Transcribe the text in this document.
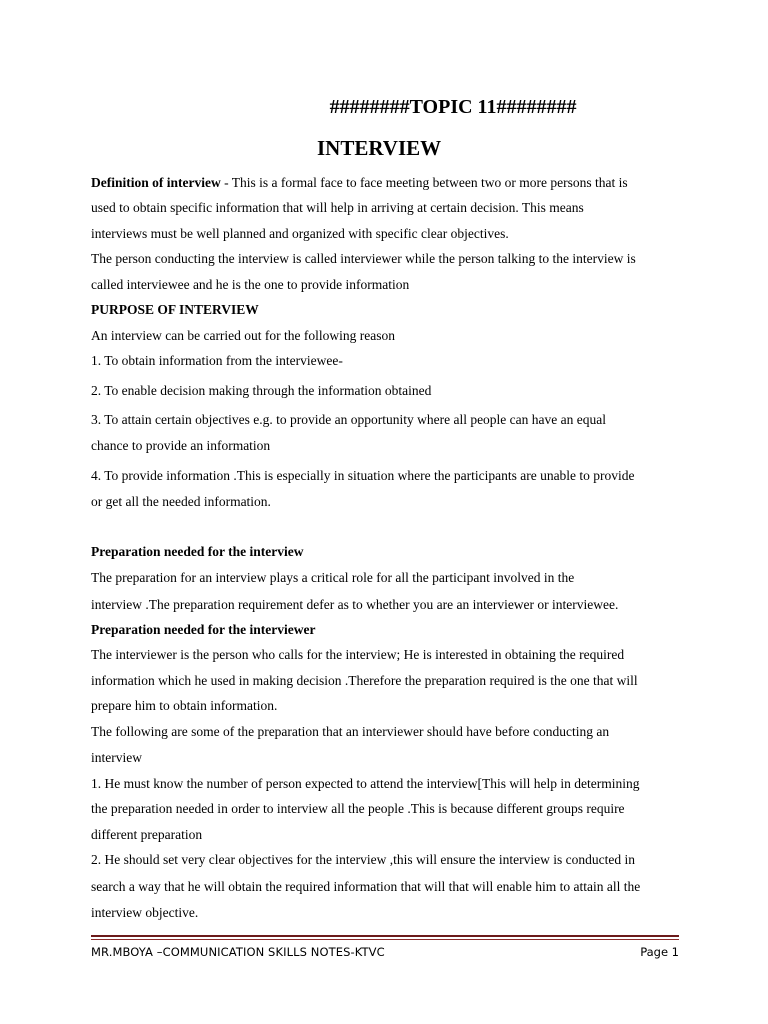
########TOPIC 11########
INTERVIEW
Definition of interview - This is a formal face to face meeting between two or more persons that is
used to obtain specific information that will help in arriving at certain decision. This means
interviews must be well planned and organized with specific clear objectives.
The person conducting the interview is called interviewer while the person talking to the interview is
called interviewee and he is the one to provide information
PURPOSE OF INTERVIEW
An interview can be carried out for the following reason
1. To obtain information from the interviewee-
2. To enable decision making through the information obtained
3. To attain certain objectives e.g. to provide an opportunity where all people can have an equal
chance to provide an information
4. To provide information .This is especially in situation where the participants are unable to provide
or get all the needed information.
Preparation needed for the interview
The preparation for an interview plays a critical role for all the participant involved in the
interview .The preparation requirement defer as to whether you are an interviewer or interviewee.
Preparation needed for the interviewer
The interviewer is the person who calls for the interview; He is interested in obtaining the required
information which he used in making decision .Therefore the preparation required is the one that will
prepare him to obtain information.
The following are some of the preparation that an interviewer should have before conducting an
interview
1. He must know the number of person expected to attend the interview[This will help in determining
the preparation needed in order to interview all the people .This is because different groups require
different preparation
2. He should set very clear objectives for the interview ,this will ensure the interview is conducted in
search a way that he will obtain the required information that will that will enable him to attain all the
interview objective.
MR.MBOYA –COMMUNICATION SKILLS NOTES-KTVC	Page 1
